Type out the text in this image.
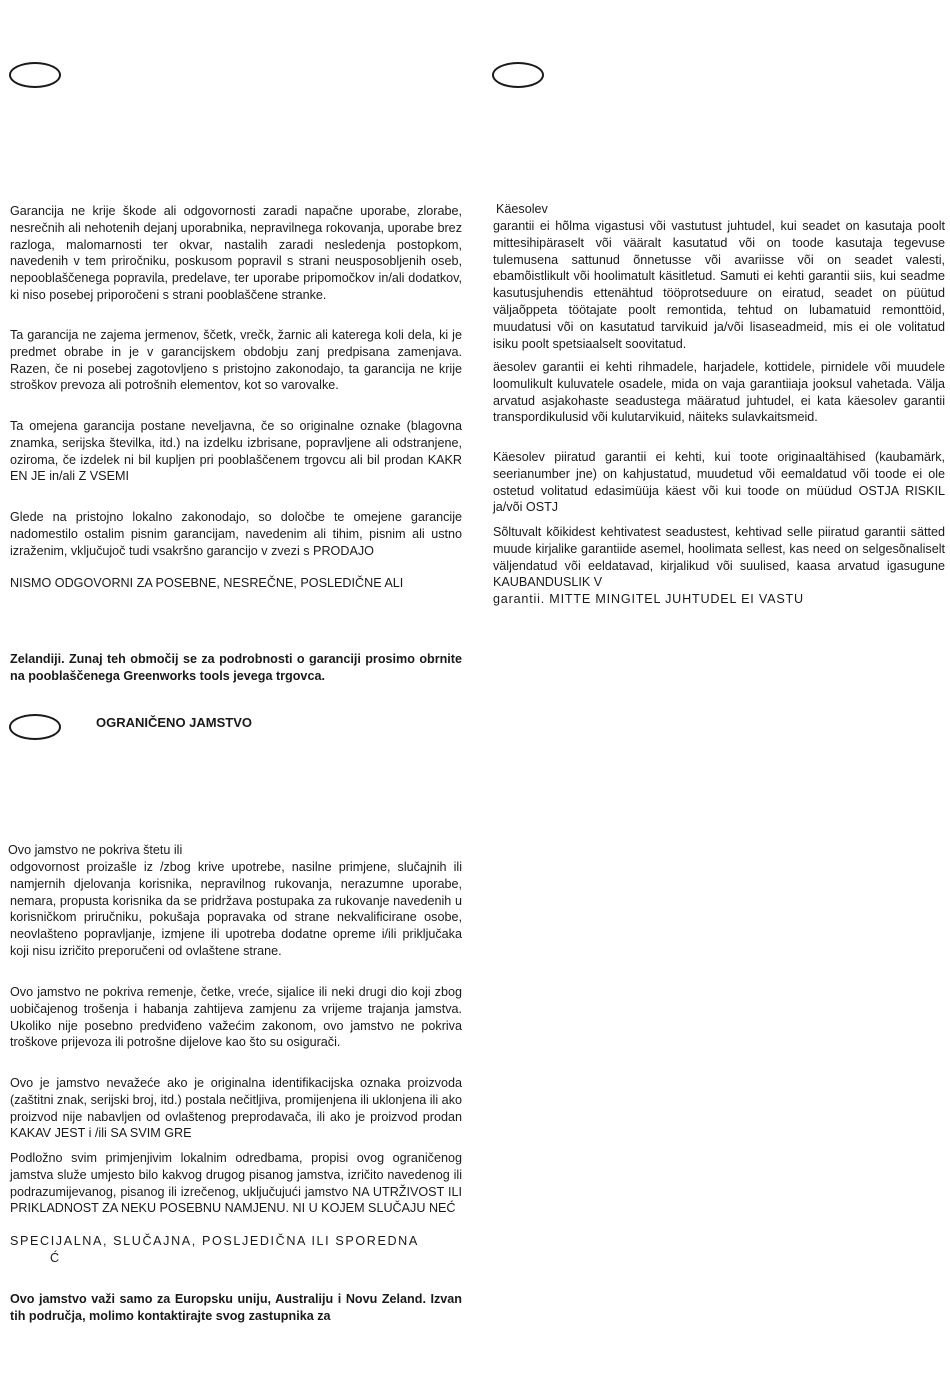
Garancija ne krije škode ali odgovornosti zaradi napačne uporabe, zlorabe, nesrečnih ali nehotenih dejanj uporabnika, nepravilnega rokovanja, uporabe brez razloga, malomarnosti ter okvar, nastalih zaradi nesledenja postopkom, navedenih v tem priročniku, poskusom popravil s strani neusposobljenih oseb, nepooblaščenega popravila, predelave, ter uporabe pripomočkov in/ali dodatkov, ki niso posebej priporočeni s strani pooblaščene stranke.

Ta garancija ne zajema jermenov, ščetk, vrečk, žarnic ali katerega koli dela, ki je predmet obrabe in je v garancijskem obdobju zanj predpisana zamenjava. Razen, če ni posebej zagotovljeno s pristojno zakonodajo, ta garancija ne krije stroškov prevoza ali potrošnih elementov, kot so varovalke.

Ta omejena garancija postane neveljavna, če so originalne oznake (blagovna znamka, serijska številka, itd.) na izdelku izbrisane, popravljene ali odstranjene, oziroma, če izdelek ni bil kupljen pri pooblaščenem trgovcu ali bil prodan KAKR EN JE in/ali Z VSEMI

Glede na pristojno lokalno zakonodajo, so določbe te omejene garancije nadomestilo ostalim pisnim garancijam, navedenim ali tihim, pisnim ali ustno izraženim, vključujoč tudi vsakršno garancijo v zvezi s PRODAJO

NISMO ODGOVORNI ZA POSEBNE, NESREČNE, POSLEDIČNE ALI

Zelandiji. Zunaj teh območij se za podrobnosti o garanciji prosimo obrnite na pooblaščenega Greenworks tools jevega trgovca.

OGRANIČENO JAMSTVO

Ovo jamstvo ne pokriva štetu ili

odgovornost proizašle iz /zbog krive upotrebe, nasilne primjene, slučajnih ili namjernih djelovanja korisnika, nepravilnog rukovanja, nerazumne uporabe, nemara, propusta korisnika da se pridržava postupaka za rukovanje navedenih u korisničkom priručniku, pokušaja popravaka od strane nekvalificirane osobe, neovlašteno popravljanje, izmjene ili upotreba dodatne opreme i/ili priključaka koji nisu izričito preporučeni od ovlaštene strane.

Ovo jamstvo ne pokriva remenje, četke, vreće, sijalice ili neki drugi dio koji zbog uobičajenog trošenja i habanja zahtijeva zamjenu za vrijeme trajanja jamstva. Ukoliko nije posebno predviđeno važećim zakonom, ovo jamstvo ne pokriva troškove prijevoza ili potrošne dijelove kao što su osigurači.

Ovo je jamstvo nevažeće ako je originalna identifikacijska oznaka proizvoda (zaštitni znak, serijski broj, itd.) postala nečitljiva, promijenjena ili uklonjena ili ako proizvod nije nabavljen od ovlaštenog preprodavača, ili ako je proizvod prodan KAKAV JEST i /ili SA SVIM GRE

Podložno svim primjenjivim lokalnim odredbama, propisi ovog ograničenog jamstva služe umjesto bilo kakvog drugog pisanog jamstva, izričito navedenog ili podrazumijevanog, pisanog ili izrečenog, uključujući jamstvo NA UTRŽIVOST ILI PRIKLADNOST ZA NEKU POSEBNU NAMJENU. NI U KOJEM SLUČAJU NEĆ

SPECIJALNA, SLUČAJNA, POSLJEDIČNA ILI SPOREDNA

Ć

Ovo jamstvo važi samo za Europsku uniju, Australiju i Novu Zeland. Izvan tih područja, molimo kontaktirajte svog zastupnika za

Käesolev

garantii ei hõlma vigastusi või vastutust juhtudel, kui seadet on kasutaja poolt mittesihipäraselt või vääralt kasutatud või on toode kasutaja tegevuse tulemusena sattunud õnnetusse või avariisse või on seadet valesti, ebamõistlikult või hoolimatult käsitletud. Samuti ei kehti garantii siis, kui seadme kasutusjuhendis ettenähtud tööprotseduure on eiratud, seadet on püütud väljaõppeta töötajate poolt remontida, tehtud on lubamatuid remonttöid, muudatusi või on kasutatud tarvikuid ja/või lisaseadmeid, mis ei ole volitatud isiku poolt spetsiaalselt soovitatud.

äesolev garantii ei kehti rihmadele, harjadele, kottidele, pirnidele või muudele loomulikult kuluvatele osadele, mida on vaja garantiiaja jooksul vahetada. Välja arvatud asjakohaste seadustega määratud juhtudel, ei kata käesolev garantii transpordikulusid või kulutarvikuid, näiteks sulavkaitsmeid.

Käesolev piiratud garantii ei kehti, kui toote originaaltähised (kaubamärk, seerianumber jne) on kahjustatud, muudetud või eemaldatud või toode ei ole ostetud volitatud edasimüüja käest või kui toode on müüdud OSTJA RISKIL ja/või OSTJ

Sõltuvalt kõikidest kehtivatest seadustest, kehtivad selle piiratud garantii sätted muude kirjalike garantiide asemel, hoolimata sellest, kas need on selgesõnaliselt väljendatud või eeldatavad, kirjalikud või suulised, kaasa arvatud igasugune KAUBANDUSLIK V

garantii. MITTE MINGITEL JUHTUDEL EI VASTU
